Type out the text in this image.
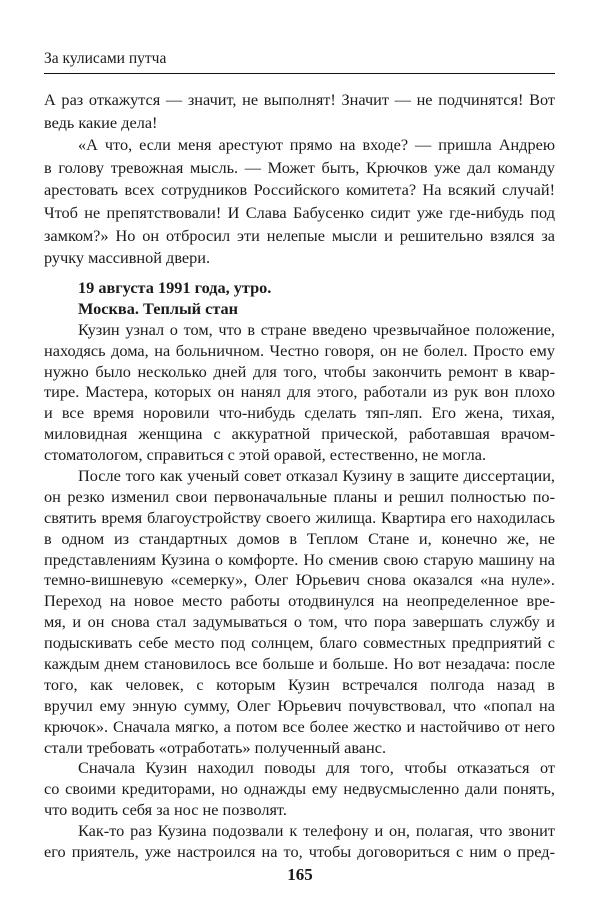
За кулисами путча
А раз откажутся — значит, не выполнят! Значит — не подчинятся! Вот
ведь какие дела!
«А что, если меня арестуют прямо на входе? — пришла Андрею
в голову тревожная мысль. — Может быть, Крючков уже дал команду
арестовать всех сотрудников Российского комитета? На всякий случай!
Чтоб не препятствовали! И Слава Бабусенко сидит уже где-нибудь под
замком?» Но он отбросил эти нелепые мысли и решительно взялся за
ручку массивной двери.
19 августа 1991 года, утро.
Москва. Теплый стан
Кузин узнал о том, что в стране введено чрезвычайное положение,
находясь дома, на больничном. Честно говоря, он не болел. Просто ему
нужно было несколько дней для того, чтобы закончить ремонт в квар-
тире. Мастера, которых он нанял для этого, работали из рук вон плохо
и все время норовили что-нибудь сделать тяп-ляп. Его жена, тихая,
миловидная женщина с аккуратной прической, работавшая врачом-
стоматологом, справиться с этой оравой, естественно, не могла.
После того как ученый совет отказал Кузину в защите диссертации,
он резко изменил свои первоначальные планы и решил полностью по-
святить время благоустройству своего жилища. Квартира его находилась
в одном из стандартных домов в Теплом Стане и, конечно же, не
представлениям Кузина о комфорте. Но сменив свою старую машину на
темно-вишневую «семерку», Олег Юрьевич снова оказался «на нуле».
Переход на новое место работы отодвинулся на неопределенное вре-
мя, и он снова стал задумываться о том, что пора завершать службу и
подыскивать себе место под солнцем, благо совместных предприятий с
каждым днем становилось все больше и больше. Но вот незадача: после
того, как человек, с которым Кузин встречался полгода назад в
вручил ему энную сумму, Олег Юрьевич почувствовал, что «попал на
крючок». Сначала мягко, а потом все более жестко и настойчиво от него
стали требовать «отработать» полученный аванс.
Сначала Кузин находил поводы для того, чтобы отказаться от
со своими кредиторами, но однажды ему недвусмысленно дали понять,
что водить себя за нос не позволят.
Как-то раз Кузина подозвали к телефону и он, полагая, что звонит
его приятель, уже настроился на то, чтобы договориться с ним о пред-
165
